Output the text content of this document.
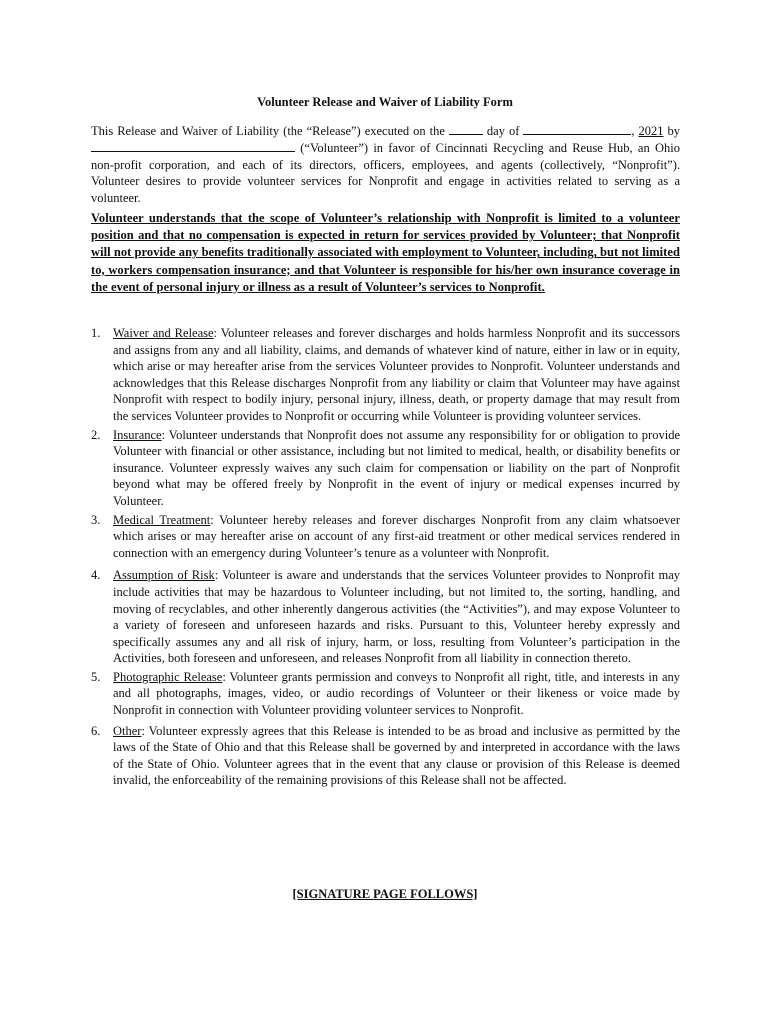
Volunteer Release and Waiver of Liability Form
This Release and Waiver of Liability (the “Release”) executed on the	day of	, 2021 by  (“Volunteer”) in favor of Cincinnati Recycling and Reuse Hub, an Ohio non-profit corporation, and each of its directors, officers, employees, and agents (collectively, “Nonprofit”). Volunteer desires to provide volunteer services for Nonprofit and engage in activities related to serving as a volunteer.
Volunteer understands that the scope of Volunteer’s relationship with Nonprofit is limited to a volunteer position and that no compensation is expected in return for services provided by Volunteer; that Nonprofit will not provide any benefits traditionally associated with employment to Volunteer, including, but not limited to, workers compensation insurance; and that Volunteer is responsible for his/her own insurance coverage in the event of personal injury or illness as a result of Volunteer’s services to Nonprofit.
1.	Waiver and Release: Volunteer releases and forever discharges and holds harmless Nonprofit and its successors and assigns from any and all liability, claims, and demands of whatever kind of nature, either in law or in equity, which arise or may hereafter arise from the services Volunteer provides to Nonprofit. Volunteer understands and acknowledges that this Release discharges Nonprofit from any liability or claim that Volunteer may have against Nonprofit with respect to bodily injury, personal injury, illness, death, or property damage that may result from the services Volunteer provides to Nonprofit or occurring while Volunteer is providing volunteer services.
2.	Insurance: Volunteer understands that Nonprofit does not assume any responsibility for or obligation to provide Volunteer with financial or other assistance, including but not limited to medical, health, or disability benefits or insurance. Volunteer expressly waives any such claim for compensation or liability on the part of Nonprofit beyond what may be offered freely by Nonprofit in the event of injury or medical expenses incurred by Volunteer.
3.	Medical Treatment: Volunteer hereby releases and forever discharges Nonprofit from any claim whatsoever which arises or may hereafter arise on account of any first-aid treatment or other medical services rendered in connection with an emergency during Volunteer’s tenure as a volunteer with Nonprofit.
4.	Assumption of Risk: Volunteer is aware and understands that the services Volunteer provides to Nonprofit may include activities that may be hazardous to Volunteer including, but not limited to, the sorting, handling, and moving of recyclables, and other inherently dangerous activities (the “Activities”), and may expose Volunteer to a variety of foreseen and unforeseen hazards and risks. Pursuant to this, Volunteer hereby expressly and specifically assumes any and all risk of injury, harm, or loss, resulting from Volunteer’s participation in the Activities, both foreseen and unforeseen, and releases Nonprofit from all liability in connection thereto.
5.	Photographic Release: Volunteer grants permission and conveys to Nonprofit all right, title, and interests in any and all photographs, images, video, or audio recordings of Volunteer or their likeness or voice made by Nonprofit in connection with Volunteer providing volunteer services to Nonprofit.
6.	Other: Volunteer expressly agrees that this Release is intended to be as broad and inclusive as permitted by the laws of the State of Ohio and that this Release shall be governed by and interpreted in accordance with the laws of the State of Ohio. Volunteer agrees that in the event that any clause or provision of this Release is deemed invalid, the enforceability of the remaining provisions of this Release shall not be affected.
[SIGNATURE PAGE FOLLOWS]
